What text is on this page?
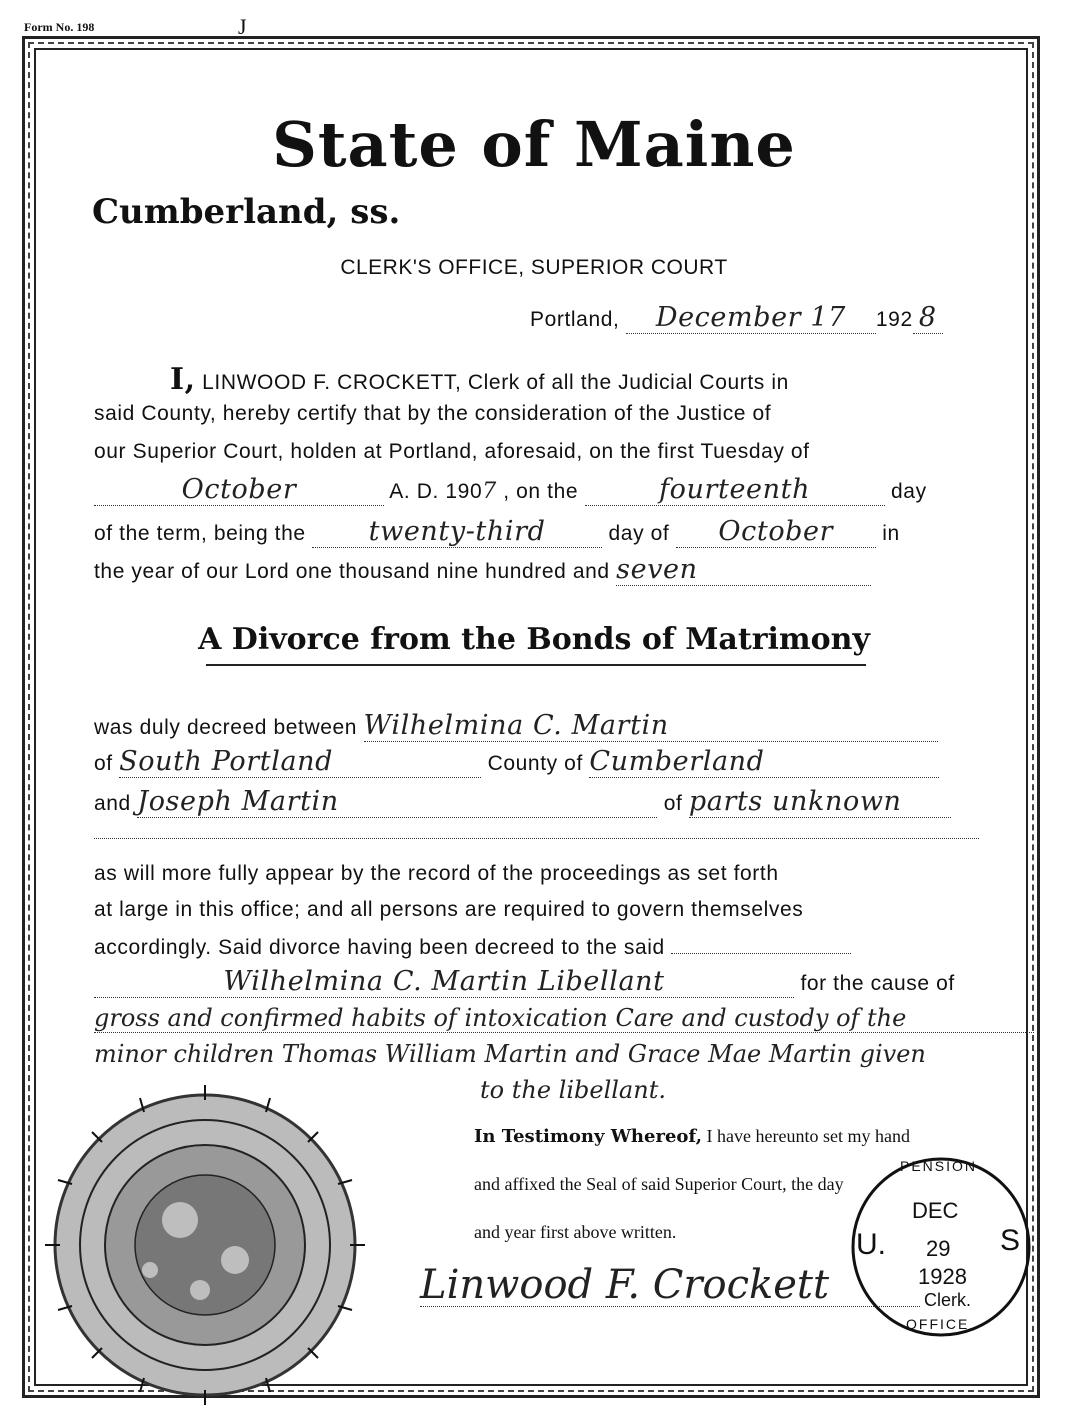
Form No. 198	J
State of Maine
Cumberland, ss.
CLERK'S OFFICE, SUPERIOR COURT
Portland, December 17 192 8
I, LINWOOD F. CROCKETT, Clerk of all the Judicial Courts in
said County, hereby certify that by the consideration of the Justice of
our Superior Court, holden at Portland, aforesaid, on the first Tuesday of
October	A. D. 1907 , on the	fourteenth	day
of the term, being the twenty-third	day of October in
the year of our Lord one thousand nine hundred and seven
A Divorce from the Bonds of Matrimony
was duly decreed between Wilhelmina C. Martin
of South Portland	County of Cumberland
and Joseph Martin	of parts unknown
as will more fully appear by the record of the proceedings as set forth
at large in this office; and all persons are required to govern themselves
accordingly. Said divorce having been decreed to the said
Wilhelmina C. Martin Libellant	for the cause of
gross and confirmed habits of intoxication Care and custody of the
minor children Thomas William Martin and Grace Mae Martin given
to the libellant.
In Testimony Whereof, I have hereunto set my hand
and affixed the Seal of said Superior Court, the day
and year first above written.
Linwood F. Crockett	Clerk.
PENSION
DEC
29
1928
OFFICE
U.	S
